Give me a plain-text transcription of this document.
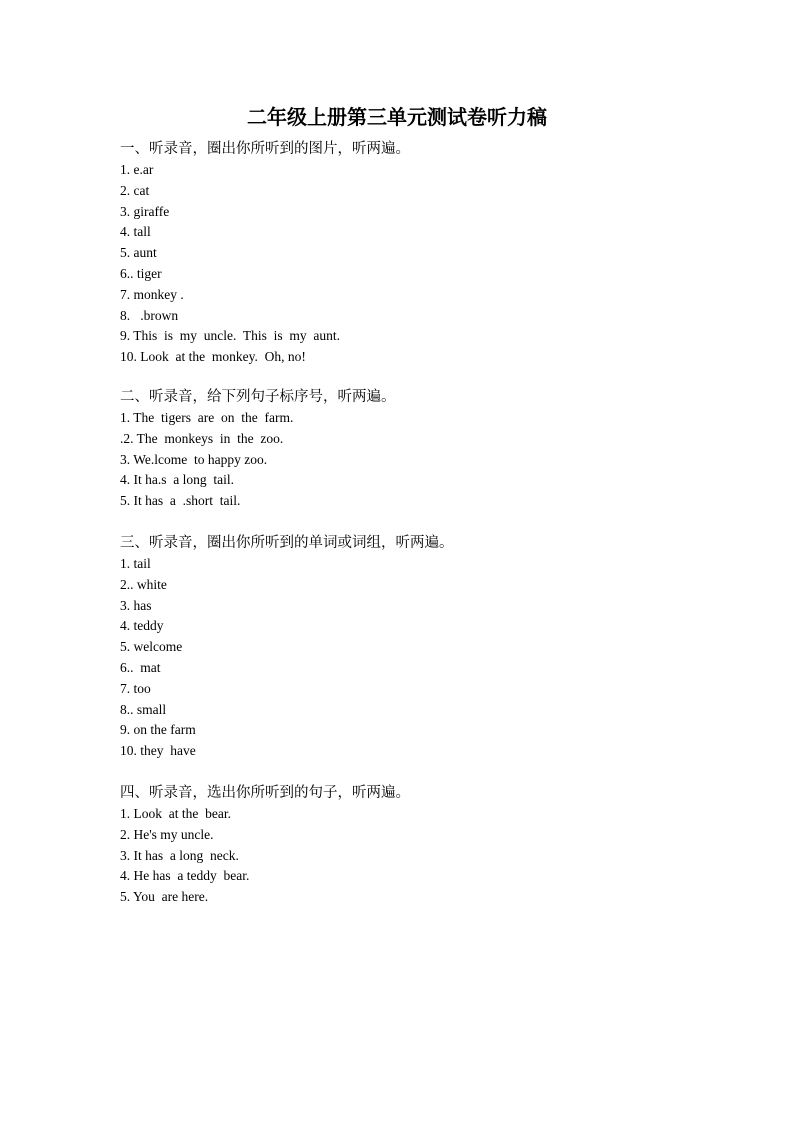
二年级上册第三单元测试卷听力稿
一、听录音，圈出你所听到的图片，听两遍。
1. e.ar
2. cat
3. giraffe
4. tall
5. aunt
6.. tiger
7. monkey .
8.   .brown
9. This  is  my  uncle.  This  is  my  aunt.
10. Look  at the  monkey.  Oh, no!
二、听录音，给下列句子标序号，听两遍。
1. The  tigers  are  on  the  farm.
.2. The  monkeys  in  the  zoo.
3. We.lcome  to happy zoo.
4. It ha.s  a long  tail.
5. It has  a  .short  tail.
三、听录音，圈出你所听到的单词或词组，听两遍。
1. tail
2.. white
3. has
4. teddy
5. welcome
6..  mat
7. too
8.. small
9. on the farm
10. they  have
四、听录音，选出你所听到的句子，听两遍。
1. Look  at the  bear.
2. He's my uncle.
3. It has  a long  neck.
4. He has  a teddy  bear.
5. You  are here.
